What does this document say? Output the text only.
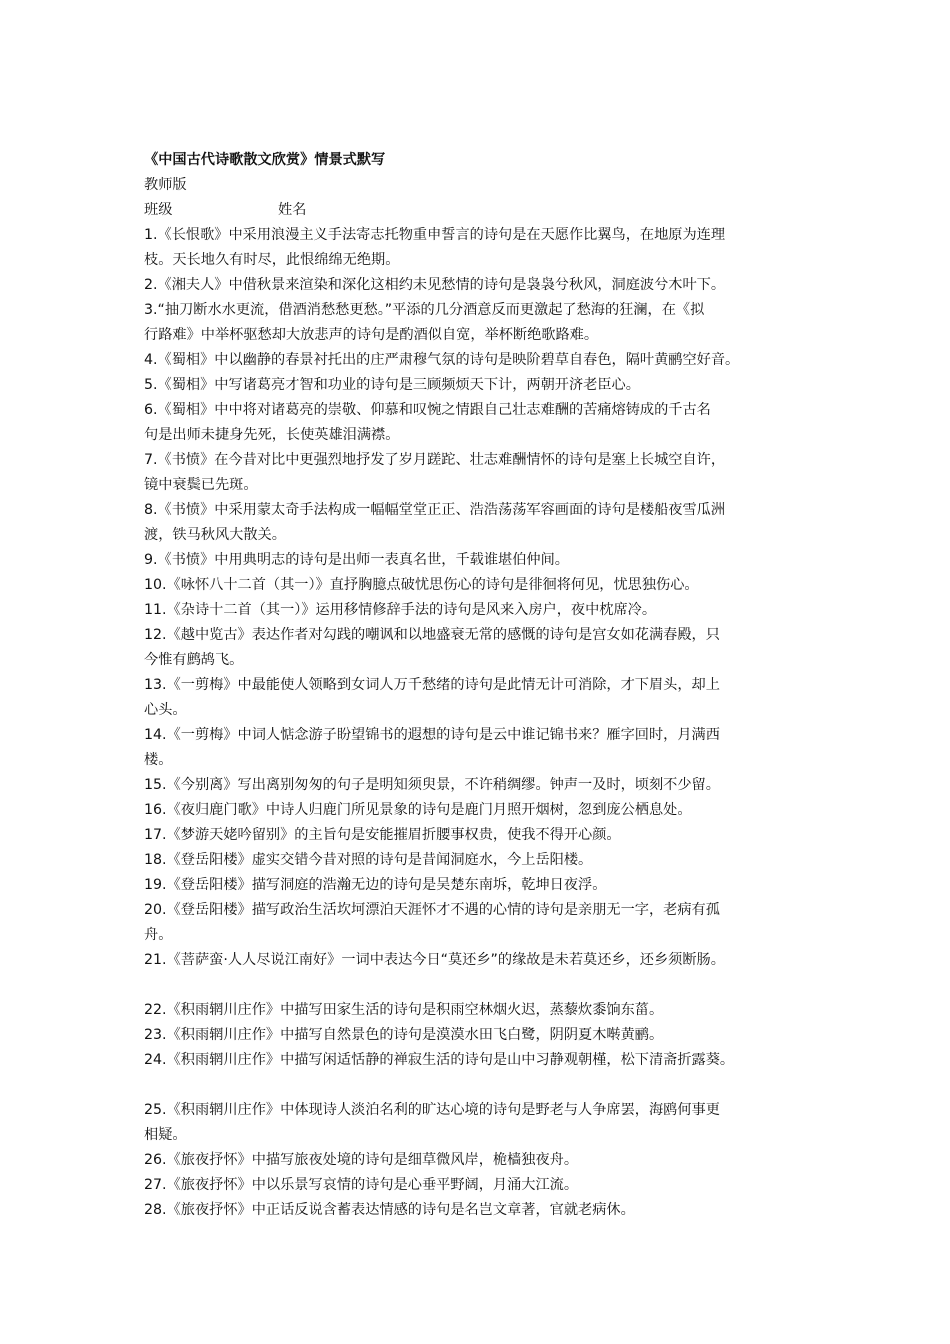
《中国古代诗歌散文欣赏》情景式默写
教师版
班级	姓名
1.《长恨歌》中采用浪漫主义手法寄志托物重申誓言的诗句是在天愿作比翼鸟，在地原为连理
枝。天长地久有时尽，此恨绵绵无绝期。
2.《湘夫人》中借秋景来渲染和深化这相约未见愁情的诗句是袅袅兮秋风，洞庭波兮木叶下。
3.“抽刀断水水更流，借酒消愁愁更愁。”平添的几分酒意反而更激起了愁海的狂澜，在《拟
行路难》中举杯驱愁却大放悲声的诗句是酌酒似自宽，举杯断绝歌路难。
4.《蜀相》中以幽静的春景衬托出的庄严肃穆气氛的诗句是映阶碧草自春色，隔叶黄鹂空好音。
5.《蜀相》中写诸葛亮才智和功业的诗句是三顾频烦天下计，两朝开济老臣心。
6.《蜀相》中中将对诸葛亮的崇敬、仰慕和叹惋之情跟自己壮志难酬的苦痛熔铸成的千古名
句是出师未捷身先死，长使英雄泪满襟。
7.《书愤》在今昔对比中更强烈地抒发了岁月蹉跎、壮志难酬情怀的诗句是塞上长城空自许，
镜中衰鬓已先斑。
8.《书愤》中采用蒙太奇手法构成一幅幅堂堂正正、浩浩荡荡军容画面的诗句是楼船夜雪瓜洲
渡，铁马秋风大散关。
9.《书愤》中用典明志的诗句是出师一表真名世，千载谁堪伯仲间。
10.《咏怀八十二首（其一）》直抒胸臆点破忧思伤心的诗句是徘徊将何见，忧思独伤心。
11.《杂诗十二首（其一）》运用移情修辞手法的诗句是风来入房户，夜中枕席冷。
12.《越中览古》表达作者对勾践的嘲讽和以地盛衰无常的感慨的诗句是宫女如花满春殿，只
今惟有鹧鸪飞。
13.《一剪梅》中最能使人领略到女词人万千愁绪的诗句是此情无计可消除，才下眉头，却上
心头。
14.《一剪梅》中词人惦念游子盼望锦书的遐想的诗句是云中谁记锦书来？雁字回时，月满西
楼。
15.《今别离》写出离别匆匆的句子是明知须臾景，不许稍绸缪。钟声一及时，顷刻不少留。
16.《夜归鹿门歌》中诗人归鹿门所见景象的诗句是鹿门月照开烟树，忽到庞公栖息处。
17.《梦游天姥吟留别》的主旨句是安能摧眉折腰事权贵，使我不得开心颜。
18.《登岳阳楼》虚实交错今昔对照的诗句是昔闻洞庭水，今上岳阳楼。
19.《登岳阳楼》描写洞庭的浩瀚无边的诗句是吴楚东南坼，乾坤日夜浮。
20.《登岳阳楼》描写政治生活坎坷漂泊天涯怀才不遇的心情的诗句是亲朋无一字，老病有孤
舟。
21.《菩萨蛮·人人尽说江南好》一词中表达今日“莫还乡”的缘故是未若莫还乡，还乡须断肠。
22.《积雨辋川庄作》中描写田家生活的诗句是积雨空林烟火迟，蒸藜炊黍饷东菑。
23.《积雨辋川庄作》中描写自然景色的诗句是漠漠水田飞白鹭，阴阴夏木啭黄鹂。
24.《积雨辋川庄作》中描写闲适恬静的禅寂生活的诗句是山中习静观朝槿，松下清斋折露葵。
25.《积雨辋川庄作》中体现诗人淡泊名利的旷达心境的诗句是野老与人争席罢，海鸥何事更
相疑。
26.《旅夜抒怀》中描写旅夜处境的诗句是细草微风岸，桅樯独夜舟。
27.《旅夜抒怀》中以乐景写哀情的诗句是心垂平野阔，月涌大江流。
28.《旅夜抒怀》中正话反说含蓄表达情感的诗句是名岂文章著，官就老病休。
